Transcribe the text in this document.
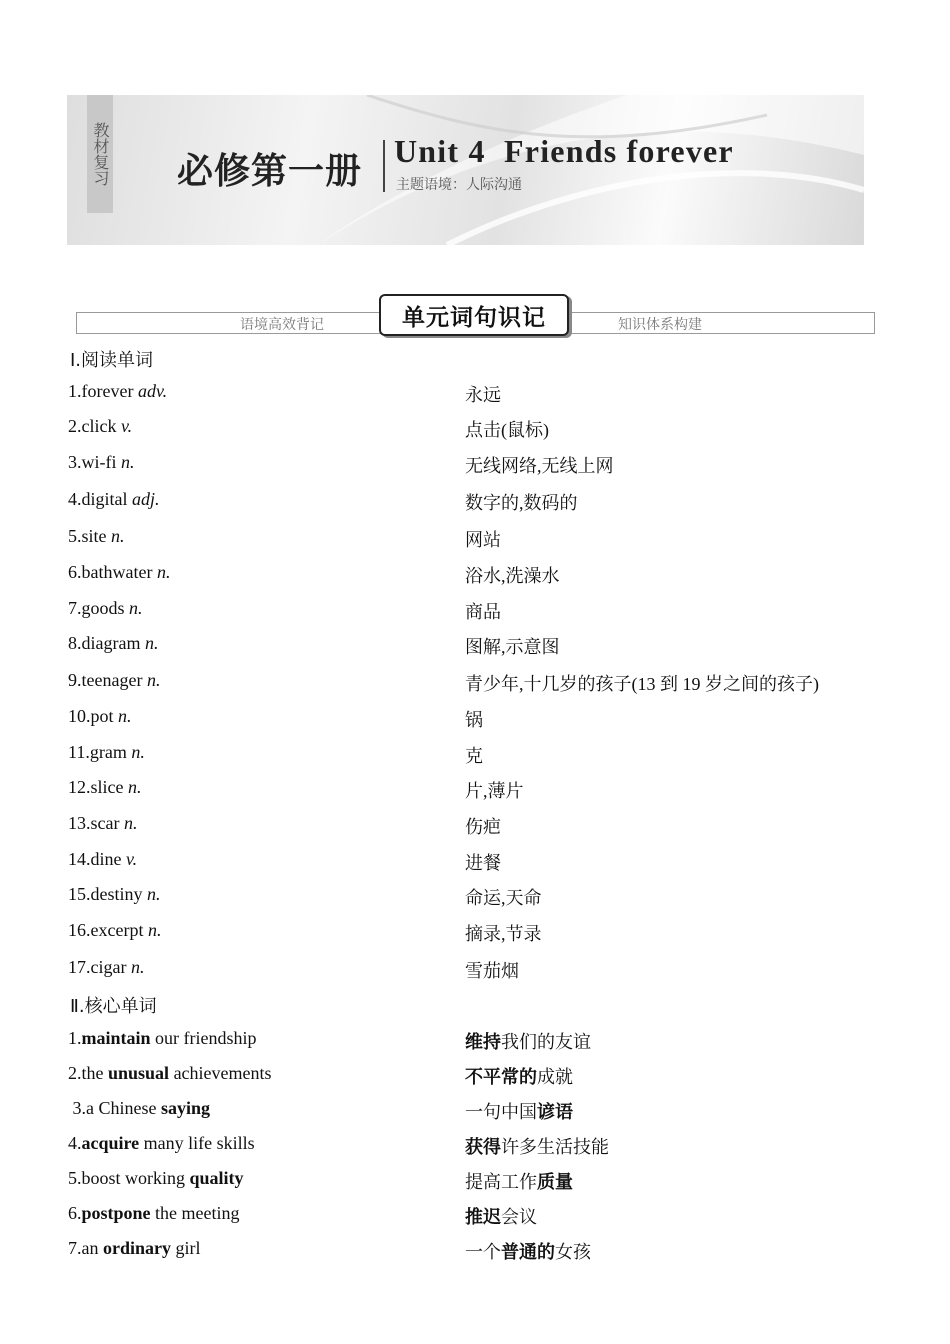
教材复习 必修第一册 Unit 4  Friends forever
主题语境：人际沟通
语境高效背记	知识体系构建
单元词句识记
Ⅰ.阅读单词
1.forever adv.	永远
2.click v.	点击(鼠标)
3.wi-fi n.	无线网络,无线上网
4.digital adj.	数字的,数码的
5.site n.	网站
6.bathwater n.	浴水,洗澡水
7.goods n.	商品
8.diagram n.	图解,示意图
9.teenager n.	青少年,十几岁的孩子(13 到 19 岁之间的孩子)
10.pot n.	锅
11.gram n.	克
12.slice n.	片,薄片
13.scar n.	伤疤
14.dine v.	进餐
15.destiny n.	命运,天命
16.excerpt n.	摘录,节录
17.cigar n.	雪茄烟
Ⅱ.核心单词
1.maintain our friendship	维持我们的友谊
2.the unusual achievements	不平常的成就
3.a Chinese saying	一句中国谚语
4.acquire many life skills	获得许多生活技能
5.boost working quality	提高工作质量
6.postpone the meeting	推迟会议
7.an ordinary girl	一个普通的女孩
